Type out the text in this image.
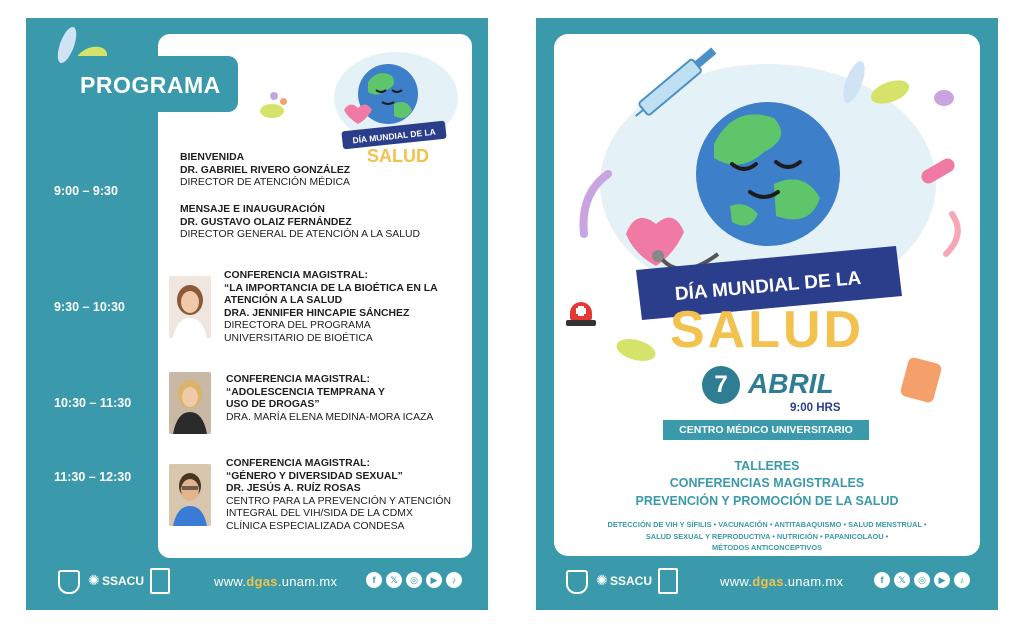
PROGRAMA
DÍA MUNDIAL DE LA
SALUD
9:00 – 9:30
BIENVENIDA
DR. GABRIEL RIVERO GONZÁLEZ
DIRECTOR DE ATENCIÓN MÉDICA
MENSAJE E INAUGURACIÓN
DR. GUSTAVO OLAIZ FERNÁNDEZ
DIRECTOR GENERAL DE ATENCIÓN A LA SALUD
9:30 – 10:30
CONFERENCIA MAGISTRAL:
“LA IMPORTANCIA DE LA BIOÉTICA EN LA
ATENCIÓN A LA SALUD
DRA. JENNIFER HINCAPIE SÁNCHEZ
DIRECTORA DEL PROGRAMA
UNIVERSITARIO DE BIOÉTICA
10:30 – 11:30
CONFERENCIA MAGISTRAL:
“ADOLESCENCIA TEMPRANA Y
USO DE DROGAS”
DRA. MARÍA ELENA MEDINA-MORA ICAZA
11:30 – 12:30
CONFERENCIA MAGISTRAL:
“GÉNERO Y DIVERSIDAD SEXUAL”
DR. JESÚS A. RUÍZ ROSAS
CENTRO PARA LA PREVENCIÓN Y ATENCIÓN
INTEGRAL DEL VIH/SIDA DE LA CDMX
CLÍNICA ESPECIALIZADA CONDESA
✺ SSACU	www.dgas.unam.mx	f	𝕏	◎	▶	♪
DÍA MUNDIAL DE LA
SALUD
7 ABRIL
9:00 HRS
CENTRO MÉDICO UNIVERSITARIO
TALLERES
CONFERENCIAS MAGISTRALES
PREVENCIÓN Y PROMOCIÓN DE LA SALUD
DETECCIÓN DE VIH Y SÍFILIS • VACUNACIÓN • ANTITABAQUISMO • SALUD MENSTRUAL •
SALUD SEXUAL Y REPRODUCTIVA • NUTRICIÓN • PAPANICOLAOU •
MÉTODOS ANTICONCEPTIVOS
✺ SSACU	www.dgas.unam.mx	f	𝕏	◎	▶	♪
